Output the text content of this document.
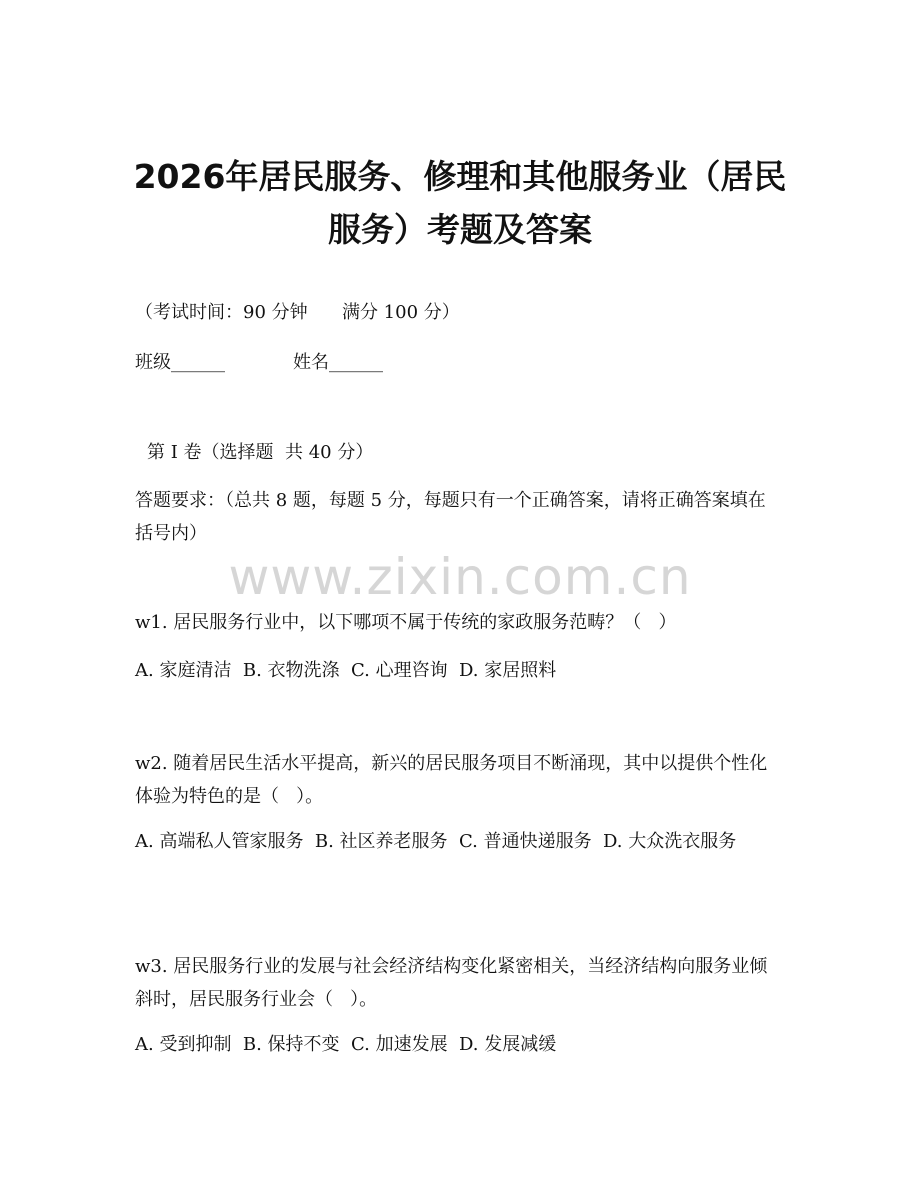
2026年居民服务、修理和其他服务业（居民服务）考题及答案

（考试时间：90 分钟      满分 100 分）

班级______	姓名______

第 I 卷（选择题  共 40 分）

答题要求：（总共 8 题，每题 5 分，每题只有一个正确答案，请将正确答案填在括号内）

www.zixin.com.cn

w1. 居民服务行业中，以下哪项不属于传统的家政服务范畴？（   ）

A. 家庭清洁  B. 衣物洗涤  C. 心理咨询  D. 家居照料

w2. 随着居民生活水平提高，新兴的居民服务项目不断涌现，其中以提供个性化体验为特色的是（   ）。

A. 高端私人管家服务  B. 社区养老服务  C. 普通快递服务  D. 大众洗衣服务

w3. 居民服务行业的发展与社会经济结构变化紧密相关，当经济结构向服务业倾斜时，居民服务行业会（   ）。

A. 受到抑制  B. 保持不变  C. 加速发展  D. 发展减缓
